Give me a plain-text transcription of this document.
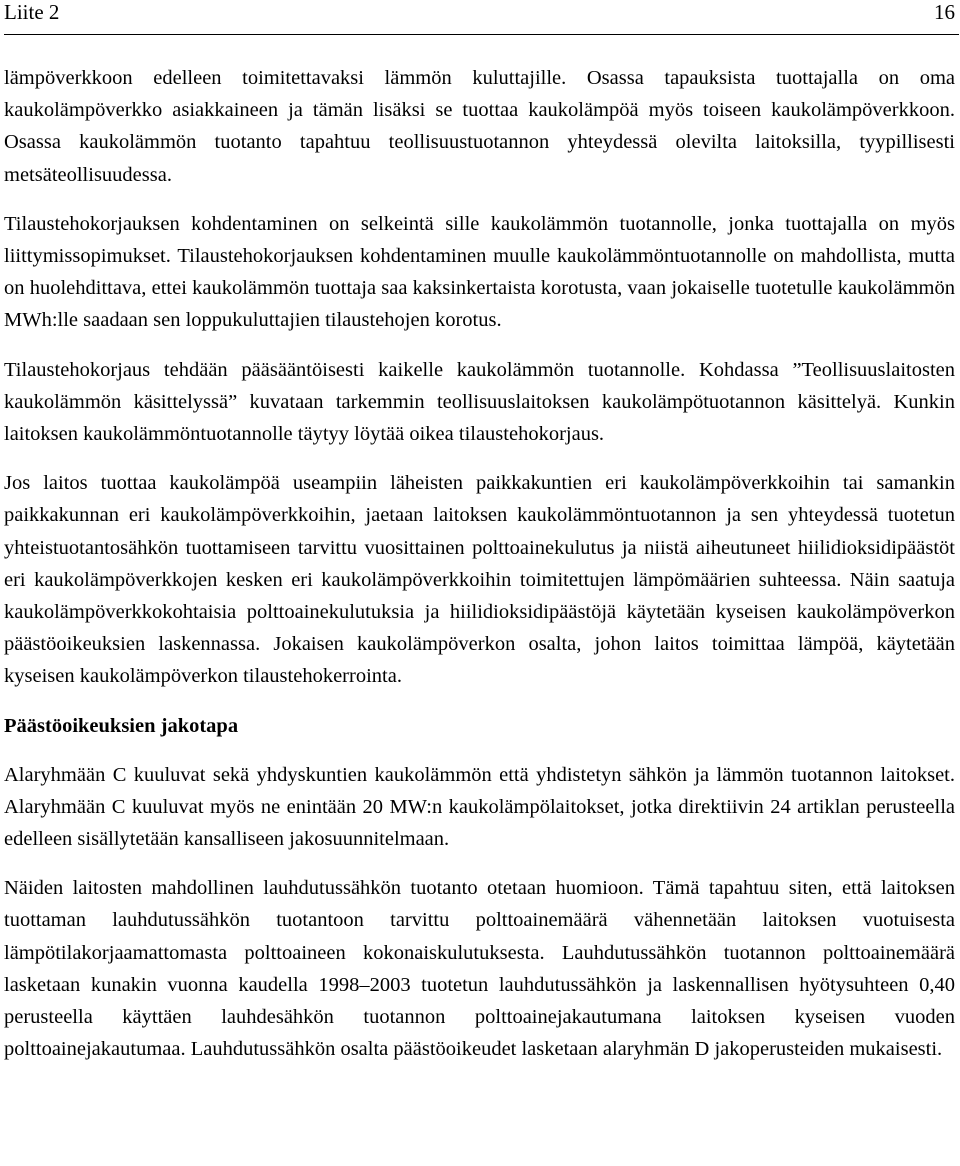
Liite 2	16

lämpöverkkoon edelleen toimitettavaksi lämmön kuluttajille. Osassa tapauksista tuottajalla on oma kaukolämpöverkko asiakkaineen ja tämän lisäksi se tuottaa kaukolämpöä myös toiseen kaukolämpöverkkoon. Osassa kaukolämmön tuotanto tapahtuu teollisuustuotannon yhteydessä olevilta laitoksilla, tyypillisesti metsäteollisuudessa.

Tilaustehokorjauksen kohdentaminen on selkeintä sille kaukolämmön tuotannolle, jonka tuottajalla on myös liittymissopimukset. Tilaustehokorjauksen kohdentaminen muulle kaukolämmöntuotannolle on mahdollista, mutta on huolehdittava, ettei kaukolämmön tuottaja saa kaksinkertaista korotusta, vaan jokaiselle tuotetulle kaukolämmön MWh:lle saadaan sen loppukuluttajien tilaustehojen korotus.

Tilaustehokorjaus tehdään pääsääntöisesti kaikelle kaukolämmön tuotannolle. Kohdassa ”Teollisuuslaitosten kaukolämmön käsittelyssä” kuvataan tarkemmin teollisuuslaitoksen kaukolämpötuotannon käsittelyä. Kunkin laitoksen kaukolämmöntuotannolle täytyy löytää oikea tilaustehokorjaus.

Jos laitos tuottaa kaukolämpöä useampiin läheisten paikkakuntien eri kaukolämpöverkkoihin tai samankin paikkakunnan eri kaukolämpöverkkoihin, jaetaan laitoksen kaukolämmöntuotannon ja sen yhteydessä tuotetun yhteistuotantosähkön tuottamiseen tarvittu vuosittainen polttoainekulutus ja niistä aiheutuneet hiilidioksidipäästöt eri kaukolämpöverkkojen kesken eri kaukolämpöverkkoihin toimitettujen lämpömäärien suhteessa. Näin saatuja kaukolämpöverkkokohtaisia polttoainekulutuksia ja hiilidioksidipäästöjä käytetään kyseisen kaukolämpöverkon päästöoikeuksien laskennassa. Jokaisen kaukolämpöverkon osalta, johon laitos toimittaa lämpöä, käytetään kyseisen kaukolämpöverkon tilaustehokerrointa.

Päästöoikeuksien jakotapa

Alaryhmään C kuuluvat sekä yhdyskuntien kaukolämmön että yhdistetyn sähkön ja lämmön tuotannon laitokset. Alaryhmään C kuuluvat myös ne enintään 20 MW:n kaukolämpölaitokset, jotka direktiivin 24 artiklan perusteella edelleen sisällytetään kansalliseen jakosuunnitelmaan.

Näiden laitosten mahdollinen lauhdutussähkön tuotanto otetaan huomioon. Tämä tapahtuu siten, että laitoksen tuottaman lauhdutussähkön tuotantoon tarvittu polttoainemäärä vähennetään laitoksen vuotuisesta lämpötilakorjaamattomasta polttoaineen kokonaiskulutuksesta. Lauhdutussähkön tuotannon polttoainemäärä lasketaan kunakin vuonna kaudella 1998–2003 tuotetun lauhdutussähkön ja laskennallisen hyötysuhteen 0,40 perusteella käyttäen lauhdesähkön tuotannon polttoainejakautumana laitoksen kyseisen vuoden polttoainejakautumaa. Lauhdutussähkön osalta päästöoikeudet lasketaan alaryhmän D jakoperusteiden mukaisesti.
